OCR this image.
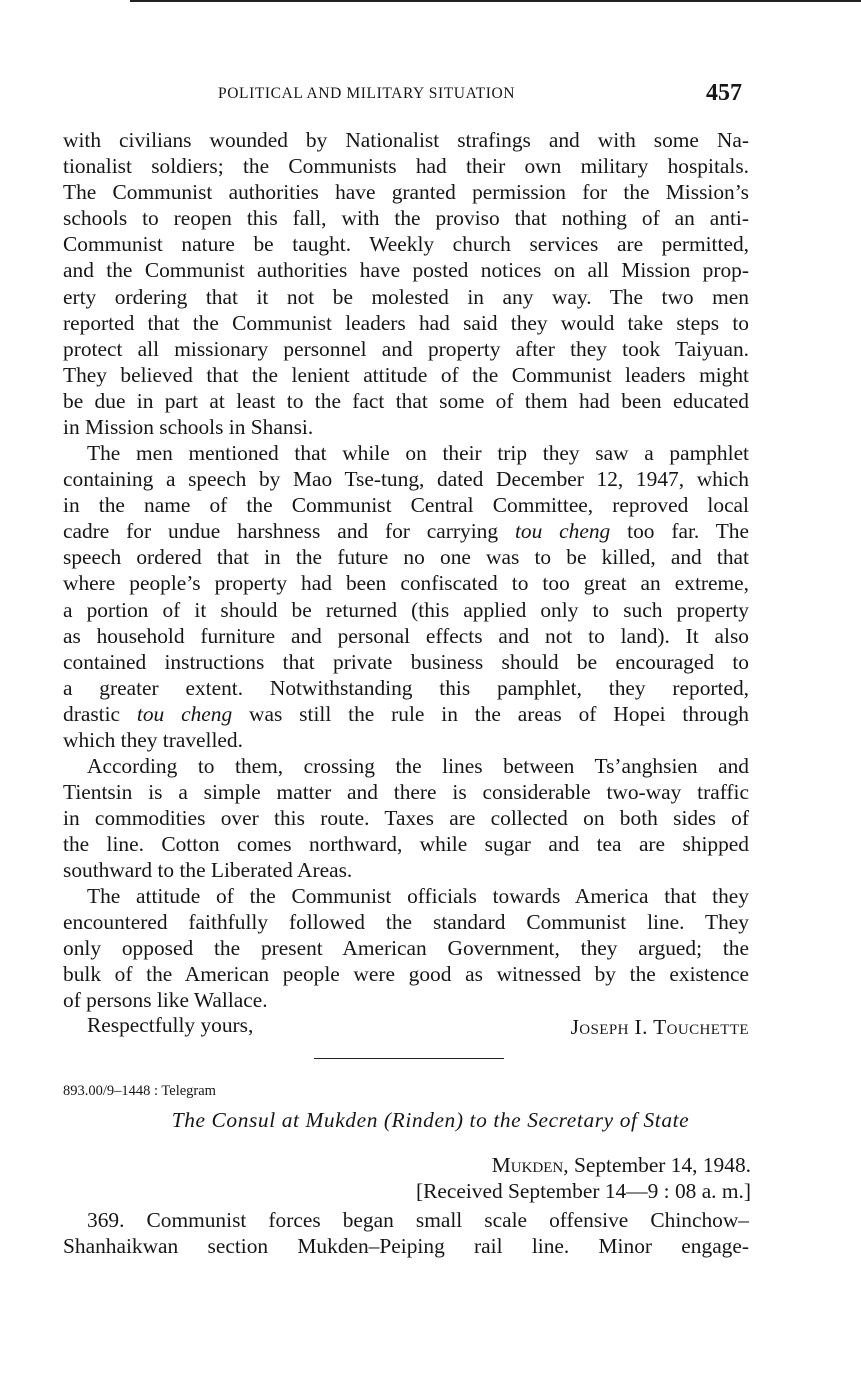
POLITICAL AND MILITARY SITUATION	457
with civilians wounded by Nationalist strafings and with some Na-
tionalist soldiers; the Communists had their own military hospitals.
The Communist authorities have granted permission for the Mission’s
schools to reopen this fall, with the proviso that nothing of an anti-
Communist nature be taught. Weekly church services are permitted,
and the Communist authorities have posted notices on all Mission prop-
erty ordering that it not be molested in any way. The two men
reported that the Communist leaders had said they would take steps to
protect all missionary personnel and property after they took Taiyuan.
They believed that the lenient attitude of the Communist leaders might
be due in part at least to the fact that some of them had been educated
in Mission schools in Shansi.
The men mentioned that while on their trip they saw a pamphlet
containing a speech by Mao Tse-tung, dated December 12, 1947, which
in the name of the Communist Central Committee, reproved local
cadre for undue harshness and for carrying tou cheng too far. The
speech ordered that in the future no one was to be killed, and that
where people’s property had been confiscated to too great an extreme,
a portion of it should be returned (this applied only to such property
as household furniture and personal effects and not to land). It also
contained instructions that private business should be encouraged to
a greater extent. Notwithstanding this pamphlet, they reported,
drastic tou cheng was still the rule in the areas of Hopei through
which they travelled.
According to them, crossing the lines between Ts’anghsien and
Tientsin is a simple matter and there is considerable two-way traffic
in commodities over this route. Taxes are collected on both sides of
the line. Cotton comes northward, while sugar and tea are shipped
southward to the Liberated Areas.
The attitude of the Communist officials towards America that they
encountered faithfully followed the standard Communist line. They
only opposed the present American Government, they argued; the
bulk of the American people were good as witnessed by the existence
of persons like Wallace.
Respectfully yours,	Joseph I. Touchette
893.00/9–1448 : Telegram
The Consul at Mukden (Rinden) to the Secretary of State
Mukden, September 14, 1948.
[Received September 14—9 : 08 a. m.]
369. Communist forces began small scale offensive Chinchow–
Shanhaikwan section Mukden–Peiping rail line. Minor engage-
